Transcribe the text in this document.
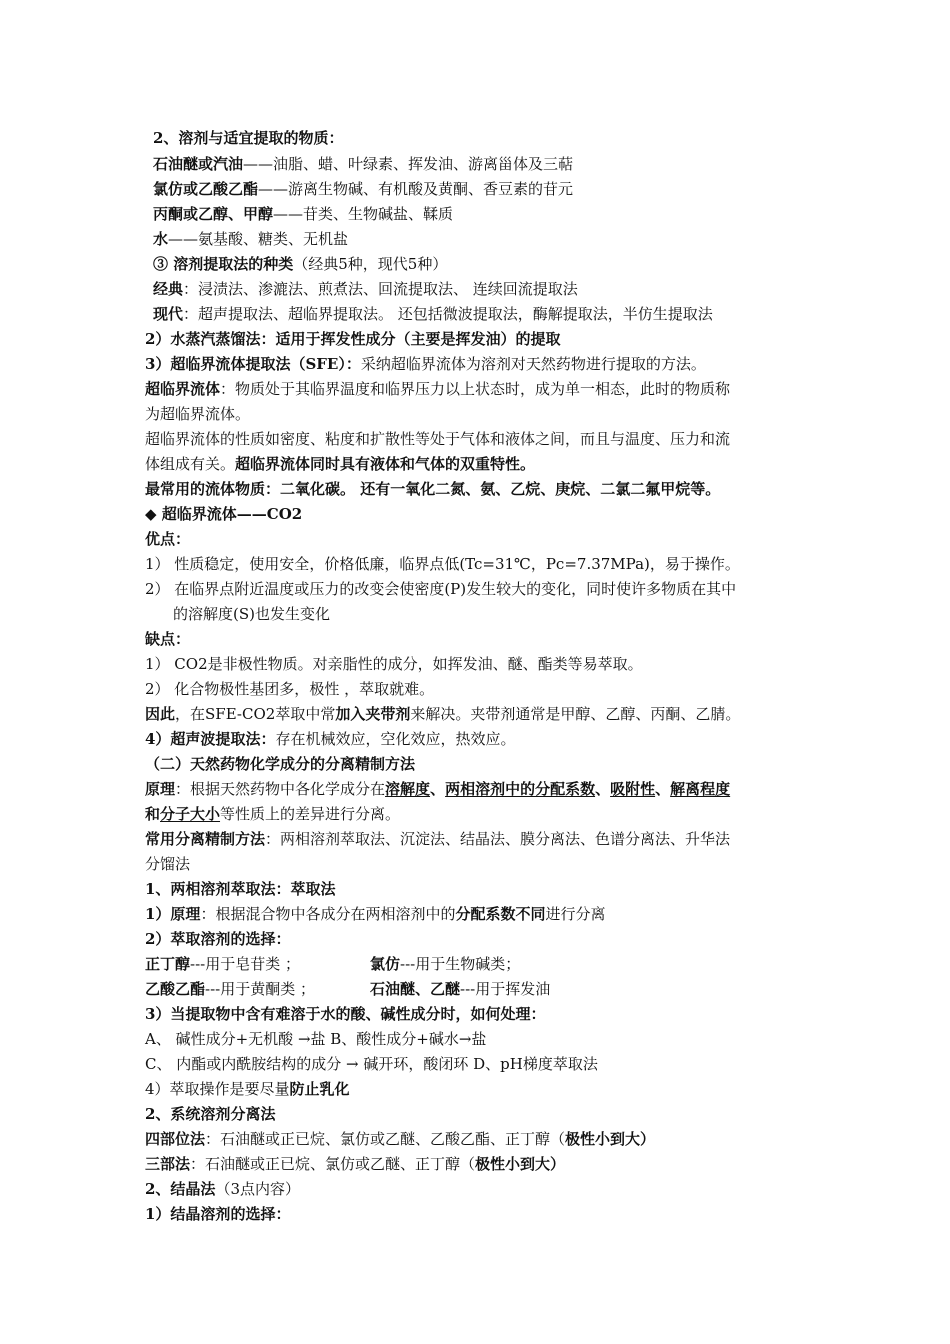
2、溶剂与适宜提取的物质：
石油醚或汽油——油脂、蜡、叶绿素、挥发油、游离甾体及三萜
氯仿或乙酸乙酯——游离生物碱、有机酸及黄酮、香豆素的苷元
丙酮或乙醇、甲醇——苷类、生物碱盐、鞣质
水——氨基酸、糖类、无机盐
③ 溶剂提取法的种类（经典5种，现代5种）
经典：浸渍法、渗漉法、煎煮法、回流提取法、 连续回流提取法
现代：超声提取法、超临界提取法。 还包括微波提取法，酶解提取法，半仿生提取法
2）水蒸汽蒸馏法：适用于挥发性成分（主要是挥发油）的提取
3）超临界流体提取法（SFE）：采纳超临界流体为溶剂对天然药物进行提取的方法。
超临界流体：物质处于其临界温度和临界压力以上状态时，成为单一相态，此时的物质称
为超临界流体。
超临界流体的性质如密度、粘度和扩散性等处于气体和液体之间，而且与温度、压力和流
体组成有关。超临界流体同时具有液体和气体的双重特性。
最常用的流体物质：二氧化碳。 还有一氧化二氮、氨、乙烷、庚烷、二氯二氟甲烷等。
◆ 超临界流体——CO2
优点：
1） 性质稳定，使用安全，价格低廉，临界点低(Tc=31℃，Pc=7.37MPa)，易于操作。
2） 在临界点附近温度或压力的改变会使密度(P)发生较大的变化，同时使许多物质在其中
的溶解度(S)也发生变化
缺点：
1） CO2是非极性物质。对亲脂性的成分，如挥发油、醚、酯类等易萃取。
2） 化合物极性基团多，极性 ，萃取就难。
因此，在SFE-CO2萃取中常加入夹带剂来解决。夹带剂通常是甲醇、乙醇、丙酮、乙腈。
4）超声波提取法：存在机械效应，空化效应，热效应。
（二）天然药物化学成分的分离精制方法
原理：根据天然药物中各化学成分在溶解度、两相溶剂中的分配系数、吸附性、解离程度
和分子大小等性质上的差异进行分离。
常用分离精制方法：两相溶剂萃取法、沉淀法、结晶法、膜分离法、色谱分离法、升华法
分馏法
1、两相溶剂萃取法：萃取法
1）原理：根据混合物中各成分在两相溶剂中的分配系数不同进行分离
2）萃取溶剂的选择：
正丁醇---用于皂苷类 ；	氯仿---用于生物碱类；
乙酸乙酯---用于黄酮类 ；	石油醚、乙醚---用于挥发油
3）当提取物中含有难溶于水的酸、碱性成分时，如何处理：
A、 碱性成分+无机酸 →盐 B、酸性成分+碱水→盐
C、 内酯或内酰胺结构的成分 → 碱开环，酸闭环 D、pH梯度萃取法
4）萃取操作是要尽量防止乳化
2、系统溶剂分离法
四部位法：石油醚或正已烷、氯仿或乙醚、乙酸乙酯、正丁醇（极性小到大）
三部法：石油醚或正已烷、氯仿或乙醚、正丁醇（极性小到大）
2、结晶法（3点内容）
1）结晶溶剂的选择：
